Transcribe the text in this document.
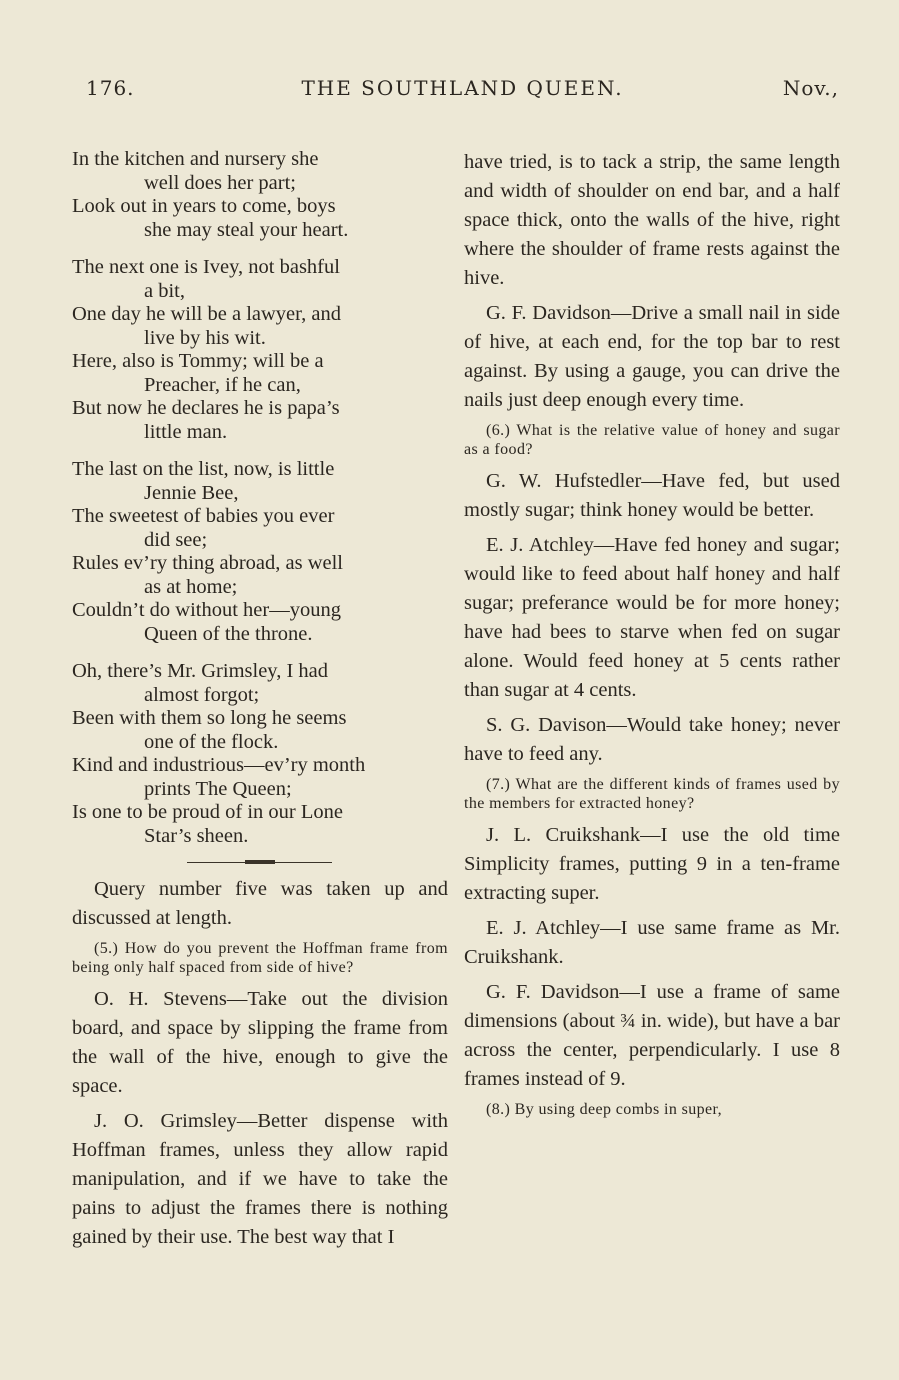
176.	THE SOUTHLAND QUEEN.	Nov.,
In the kitchen and nursery she
well does her part;
Look out in years to come, boys
she may steal your heart.
The next one is Ivey, not bashful
a bit,
One day he will be a lawyer, and
live by his wit.
Here, also is Tommy; will be a
Preacher, if he can,
But now he declares he is papa’s
little man.
The last on the list, now, is little
Jennie Bee,
The sweetest of babies you ever
did see;
Rules ev’ry thing abroad, as well
as at home;
Couldn’t do without her—young
Queen of the throne.
Oh, there’s Mr. Grimsley, I had
almost forgot;
Been with them so long he seems
one of the flock.
Kind and industrious—ev’ry month
prints The Queen;
Is one to be proud of in our Lone
Star’s sheen.

Query number five was taken up and discussed at length.

(5.) How do you prevent the Hoffman frame from being only half spaced from side of hive?

O. H. Stevens—Take out the division board, and space by slipping the frame from the wall of the hive, enough to give the space.

J. O. Grimsley—Better dispense with Hoffman frames, unless they allow rapid manipulation, and if we have to take the pains to adjust the frames there is nothing gained by their use. The best way that I

have tried, is to tack a strip, the same length and width of shoulder on end bar, and a half space thick, onto the walls of the hive, right where the shoulder of frame rests against the hive.

G. F. Davidson—Drive a small nail in side of hive, at each end, for the top bar to rest against. By using a gauge, you can drive the nails just deep enough every time.

(6.) What is the relative value of honey and sugar as a food?

G. W. Hufstedler—Have fed, but used mostly sugar; think honey would be better.

E. J. Atchley—Have fed honey and sugar; would like to feed about half honey and half sugar; preferance would be for more honey; have had bees to starve when fed on sugar alone. Would feed honey at 5 cents rather than sugar at 4 cents.

S. G. Davison—Would take honey; never have to feed any.

(7.) What are the different kinds of frames used by the members for extracted honey?

J. L. Cruikshank—I use the old time Simplicity frames, putting 9 in a ten-frame extracting super.

E. J. Atchley—I use same frame as Mr. Cruikshank.

G. F. Davidson—I use a frame of same dimensions (about ¾ in. wide), but have a bar across the center, perpendicularly. I use 8 frames instead of 9.

(8.) By using deep combs in super,
